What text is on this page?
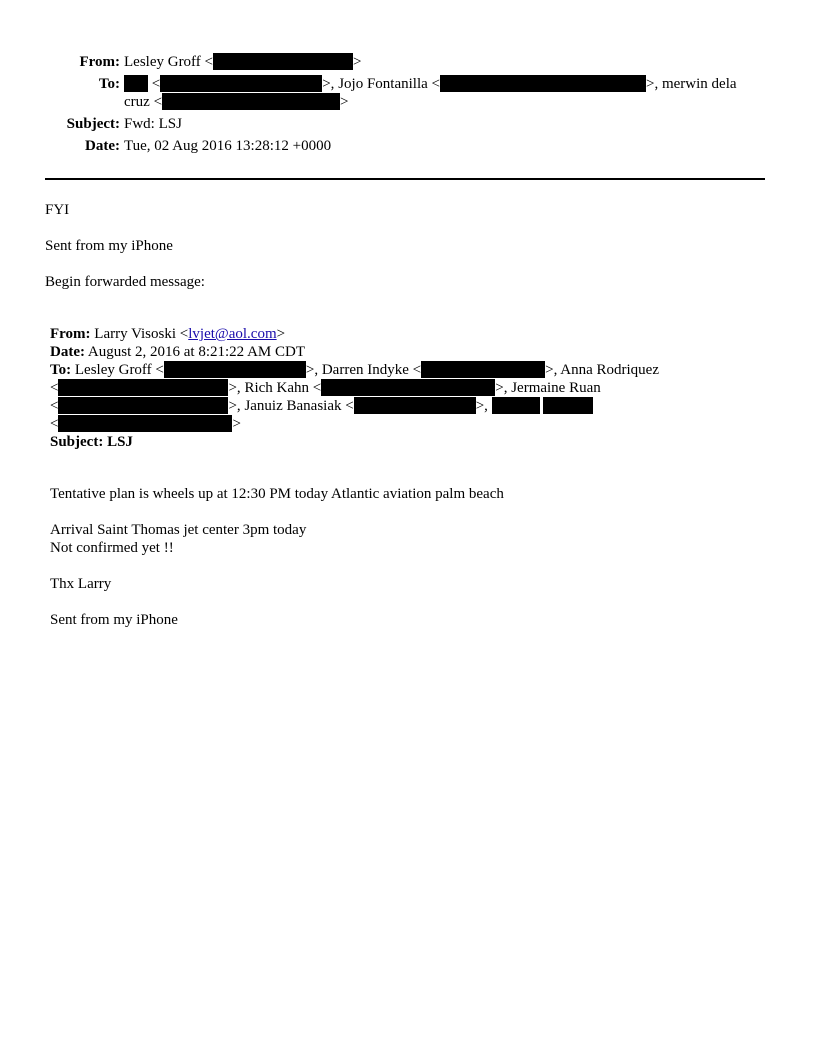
From: Lesley Groff <	>
To:	<	>, Jojo Fontanilla <	>, merwin dela
cruz <	>
Subject: Fwd: LSJ
Date: Tue, 02 Aug 2016 13:28:12 +0000
FYI
Sent from my iPhone
Begin forwarded message:
From: Larry Visoski <lvjet@aol.com>
Date: August 2, 2016 at 8:21:22 AM CDT
To: Lesley Groff <	>, Darren Indyke <	>, Anna Rodriquez
<	>, Rich Kahn <	>, Jermaine Ruan
<	>, Januiz Banasiak <	>,
<	>
Subject: LSJ
Tentative plan is wheels up at 12:30 PM today Atlantic aviation palm beach
Arrival Saint Thomas jet center 3pm today
Not confirmed yet !!
Thx Larry
Sent from my iPhone
